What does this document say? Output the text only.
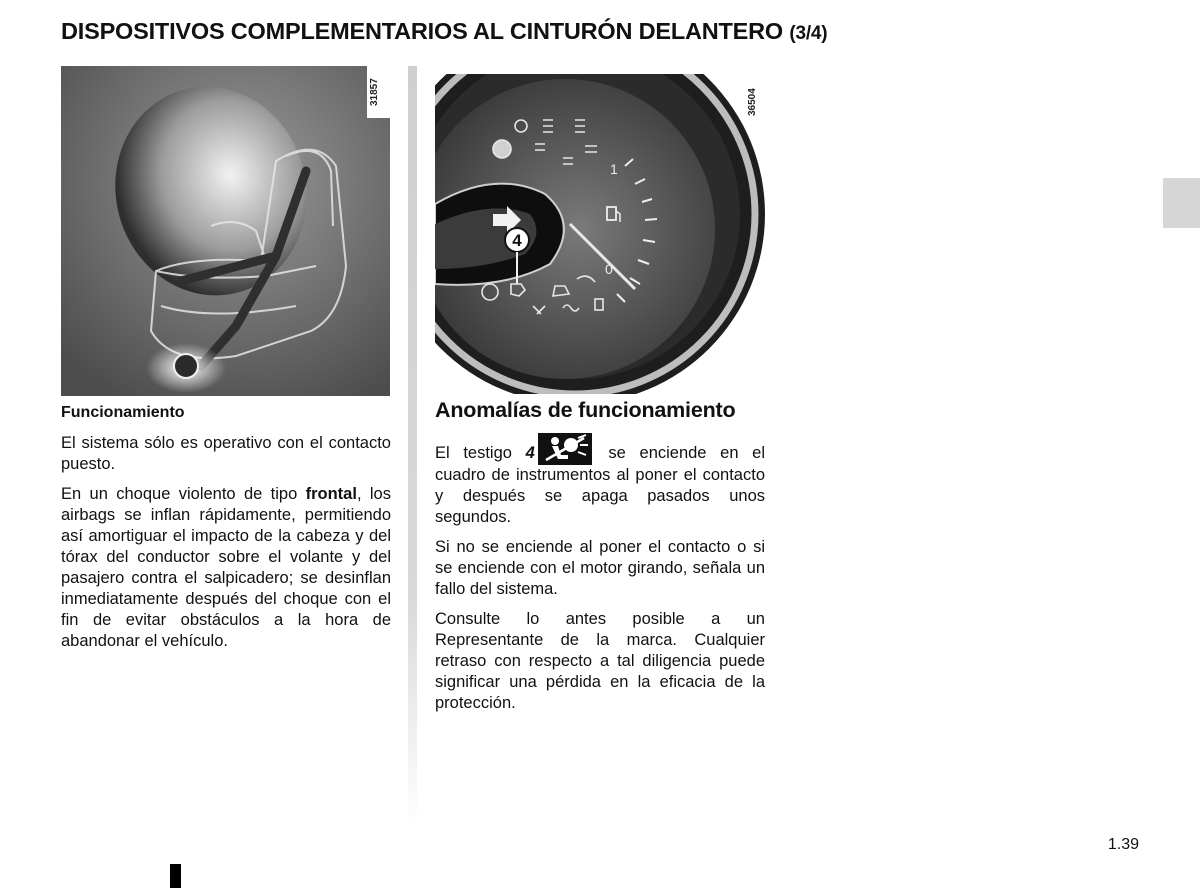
DISPOSITIVOS COMPLEMENTARIOS AL CINTURÓN DELANTERO (3/4)
31857
4
1
0
36504
Funcionamiento

El sistema sólo es operativo con el contacto puesto.

En un choque violento de tipo frontal, los airbags se inflan rápidamente, permitiendo así amortiguar el impacto de la cabeza y del tórax del conductor sobre el volante y del pasajero contra el salpicadero; se desinflan inmediatamente después del choque con el fin de evitar obstáculos a la hora de abandonar el vehículo.

Anomalías de funcionamiento

El testigo 4	se enciende en el cuadro de instrumentos al poner el contacto y después se apaga pasados unos segundos.

Si no se enciende al poner el contacto o si se enciende con el motor girando, señala un fallo del sistema.

Consulte lo antes posible a un Representante de la marca. Cualquier retraso con respecto a tal diligencia puede significar una pérdida en la eficacia de la protección.

1.39
